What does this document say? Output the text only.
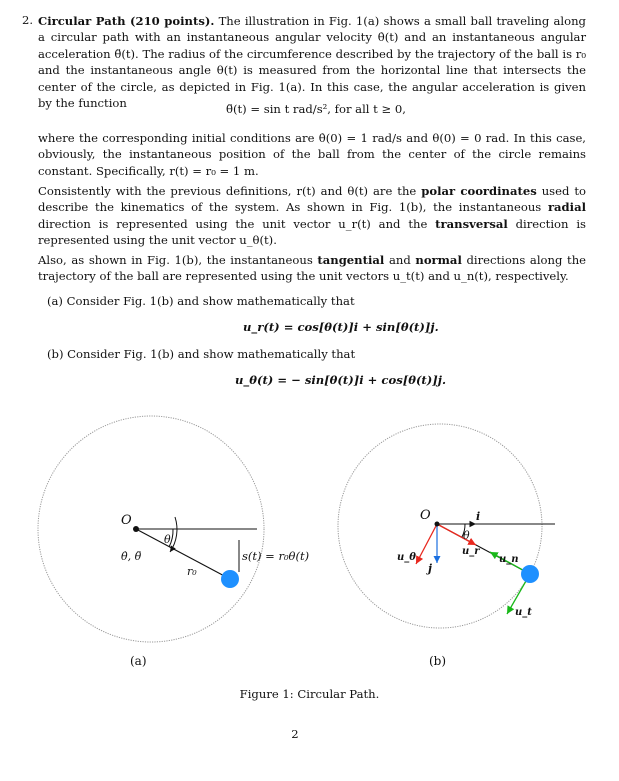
2. Circular Path (210 points). The illustration in Fig. 1(a) shows a small ball traveling along a circular path with an instantaneous angular velocity θ̇(t) and an instantaneous angular acceleration θ̈(t). The radius of the circumference described by the trajectory of the ball is r₀ and the instantaneous angle θ(t) is measured from the horizontal line that intersects the center of the circle, as depicted in Fig. 1(a). In this case, the angular acceleration is given by the function	θ̈(t) = sin t rad/s², for all t ≥ 0,
where the corresponding initial conditions are θ̇(0) = 1 rad/s and θ(0) = 0 rad. In this case, obviously, the instantaneous position of the ball from the center of the circle remains constant. Specifically, r(t) = r₀ = 1 m.
Consistently with the previous definitions, r(t) and θ(t) are the polar coordinates used to describe the kinematics of the system. As shown in Fig. 1(b), the instantaneous radial direction is represented using the unit vector u_r(t) and the transversal direction is represented using the unit vector u_θ(t).
Also, as shown in Fig. 1(b), the instantaneous tangential and normal directions along the trajectory of the ball are represented using the unit vectors u_t(t) and u_n(t), respectively.
(a) Consider Fig. 1(b) and show mathematically that
u_r(t) = cos[θ(t)]i + sin[θ(t)]j.
(b) Consider Fig. 1(b) and show mathematically that
u_θ(t) = − sin[θ(t)]i + cos[θ(t)]j.
O
θ
θ̇, θ̈
r₀
s(t) = r₀θ(t)
(a)
O
θ
i
j
u_r
u_θ	u_n
u_t
(b)
Figure 1: Circular Path.
2
